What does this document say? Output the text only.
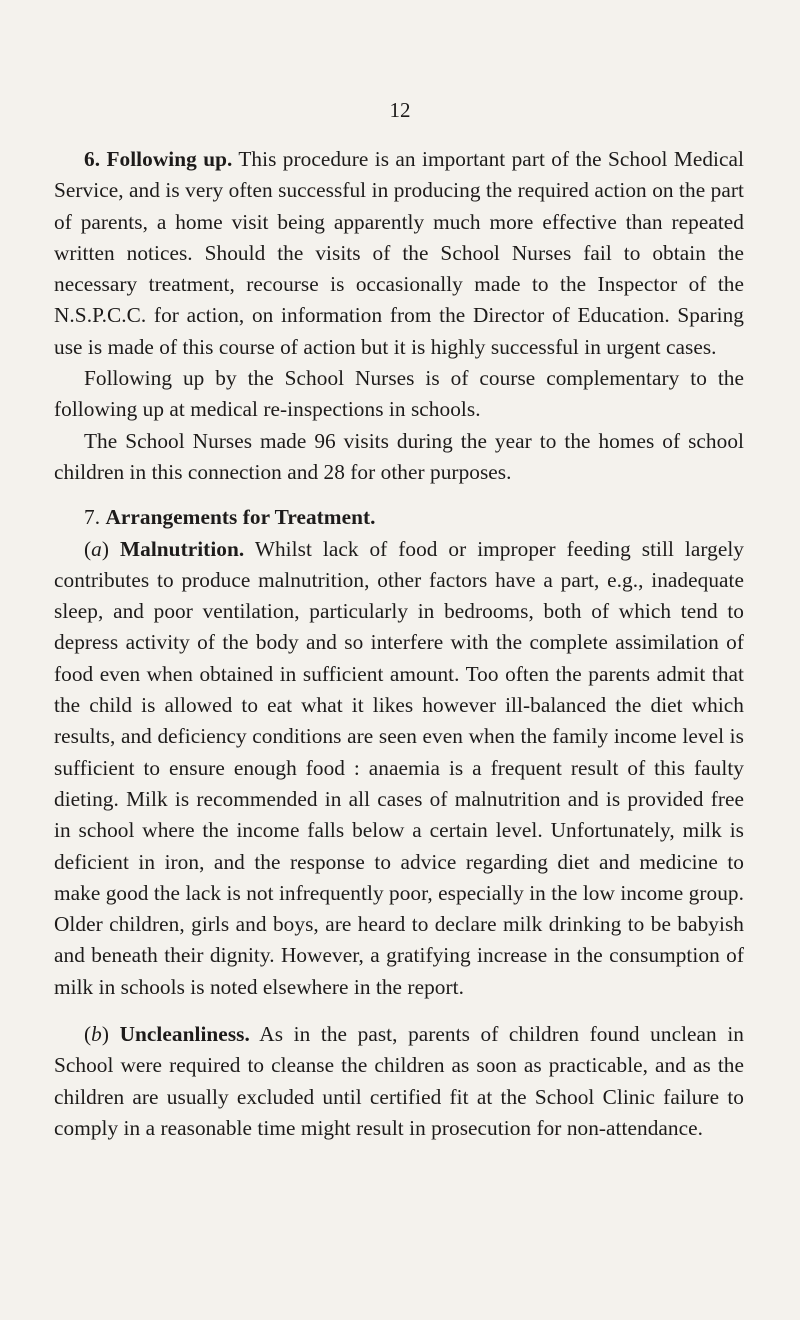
12

6. Following up. This procedure is an important part of the School Medical Service, and is very often successful in producing the required action on the part of parents, a home visit being apparently much more effective than repeated written notices. Should the visits of the School Nurses fail to obtain the necessary treatment, recourse is occasionally made to the Inspector of the N.S.P.C.C. for action, on information from the Director of Education. Sparing use is made of this course of action but it is highly successful in urgent cases.

Following up by the School Nurses is of course complementary to the following up at medical re-inspections in schools.

The School Nurses made 96 visits during the year to the homes of school children in this connection and 28 for other purposes.

7. Arrangements for Treatment.

(a) Malnutrition. Whilst lack of food or improper feeding still largely contributes to produce malnutrition, other factors have a part, e.g., inadequate sleep, and poor ventilation, particularly in bedrooms, both of which tend to depress activity of the body and so interfere with the complete assimilation of food even when obtained in sufficient amount. Too often the parents admit that the child is allowed to eat what it likes however ill-balanced the diet which results, and deficiency conditions are seen even when the family income level is sufficient to ensure enough food : anaemia is a frequent result of this faulty dieting. Milk is recommended in all cases of malnutrition and is provided free in school where the income falls below a certain level. Unfortunately, milk is deficient in iron, and the response to advice regarding diet and medicine to make good the lack is not infrequently poor, especially in the low income group. Older children, girls and boys, are heard to declare milk drinking to be babyish and beneath their dignity. However, a gratifying increase in the consumption of milk in schools is noted elsewhere in the report.

(b) Uncleanliness. As in the past, parents of children found unclean in School were required to cleanse the children as soon as practicable, and as the children are usually excluded until certified fit at the School Clinic failure to comply in a reasonable time might result in prosecution for non-attendance.
